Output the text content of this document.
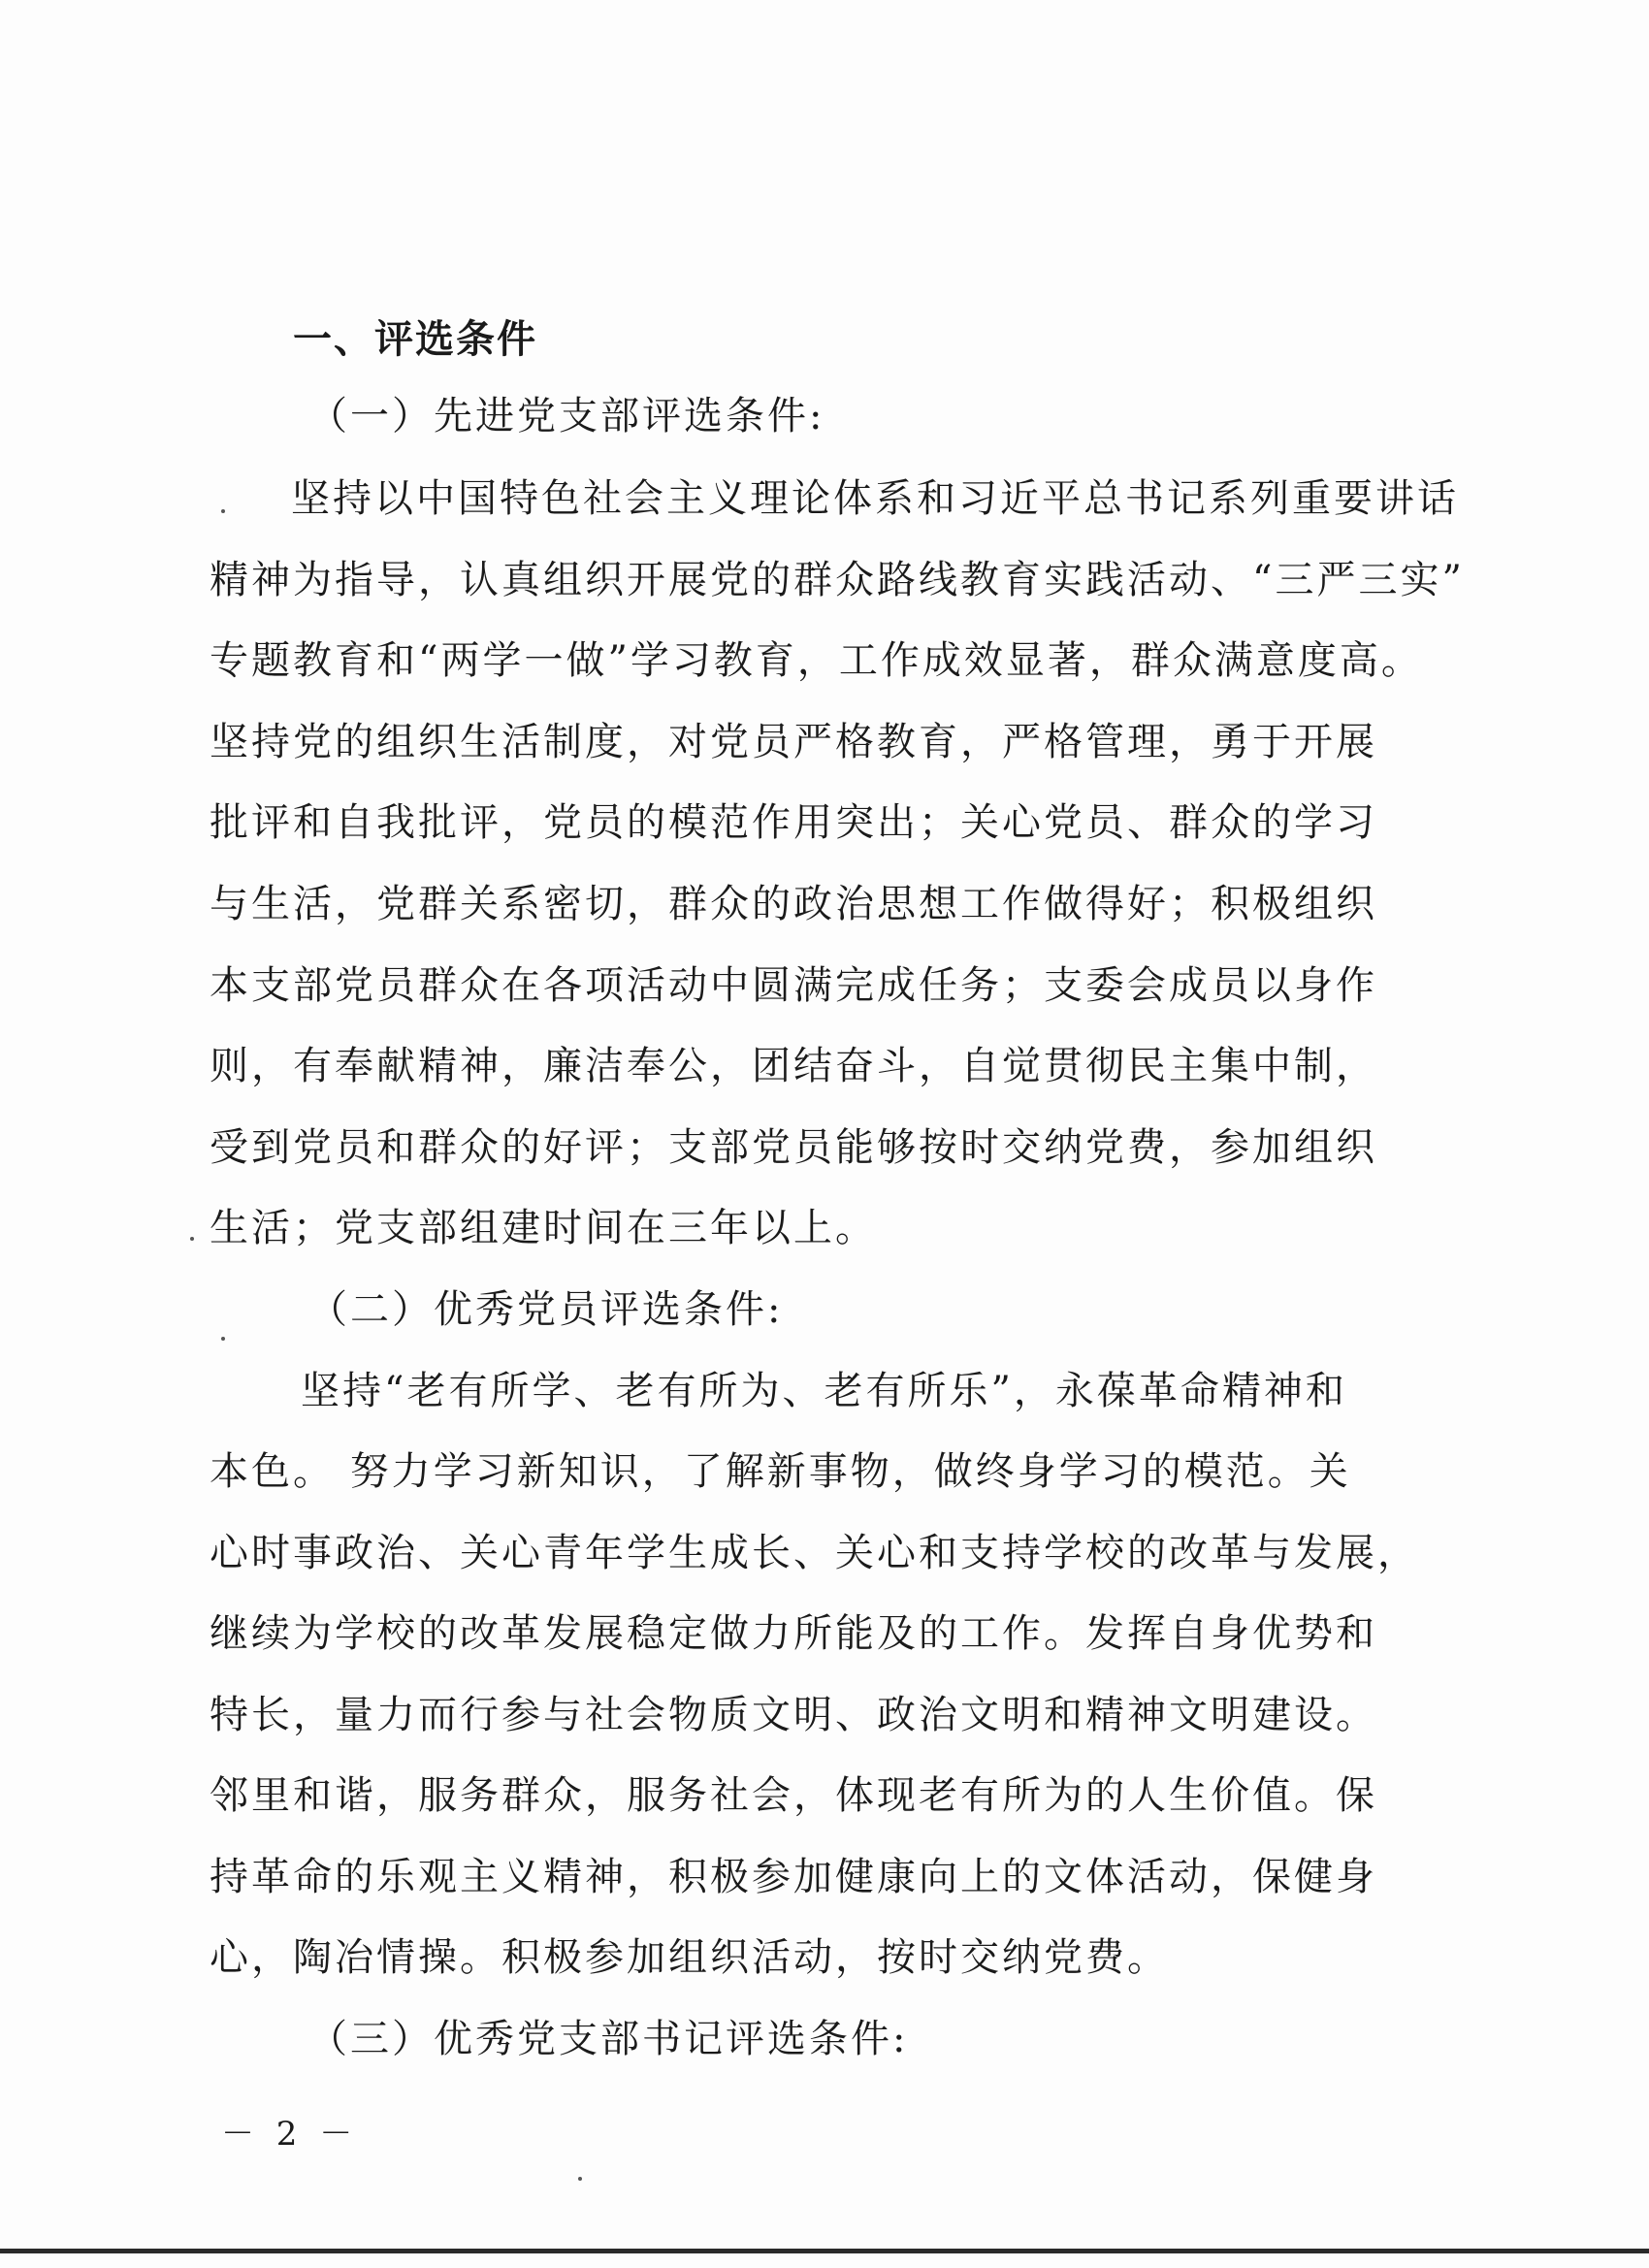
一、评选条件
（一）先进党支部评选条件:
坚持以中国特色社会主义理论体系和习近平总书记系列重要讲话
精神为指导，认真组织开展党的群众路线教育实践活动、“三严三实”
专题教育和“两学一做”学习教育，工作成效显著，群众满意度高。
坚持党的组织生活制度，对党员严格教育，严格管理，勇于开展
批评和自我批评，党员的模范作用突出；关心党员、群众的学习
与生活，党群关系密切，群众的政治思想工作做得好；积极组织
本支部党员群众在各项活动中圆满完成任务；支委会成员以身作
则，有奉献精神，廉洁奉公，团结奋斗，自觉贯彻民主集中制，
受到党员和群众的好评；支部党员能够按时交纳党费，参加组织
生活；党支部组建时间在三年以上。
（二）优秀党员评选条件:
坚持“老有所学、老有所为、老有所乐”，永葆革命精神和
本色。 努力学习新知识，了解新事物，做终身学习的模范。关
心时事政治、关心青年学生成长、关心和支持学校的改革与发展，
继续为学校的改革发展稳定做力所能及的工作。发挥自身优势和
特长，量力而行参与社会物质文明、政治文明和精神文明建设。
邻里和谐，服务群众，服务社会，体现老有所为的人生价值。保
持革命的乐观主义精神，积极参加健康向上的文体活动，保健身
心，陶冶情操。积极参加组织活动，按时交纳党费。
（三）优秀党支部书记评选条件:
－ 2 －
